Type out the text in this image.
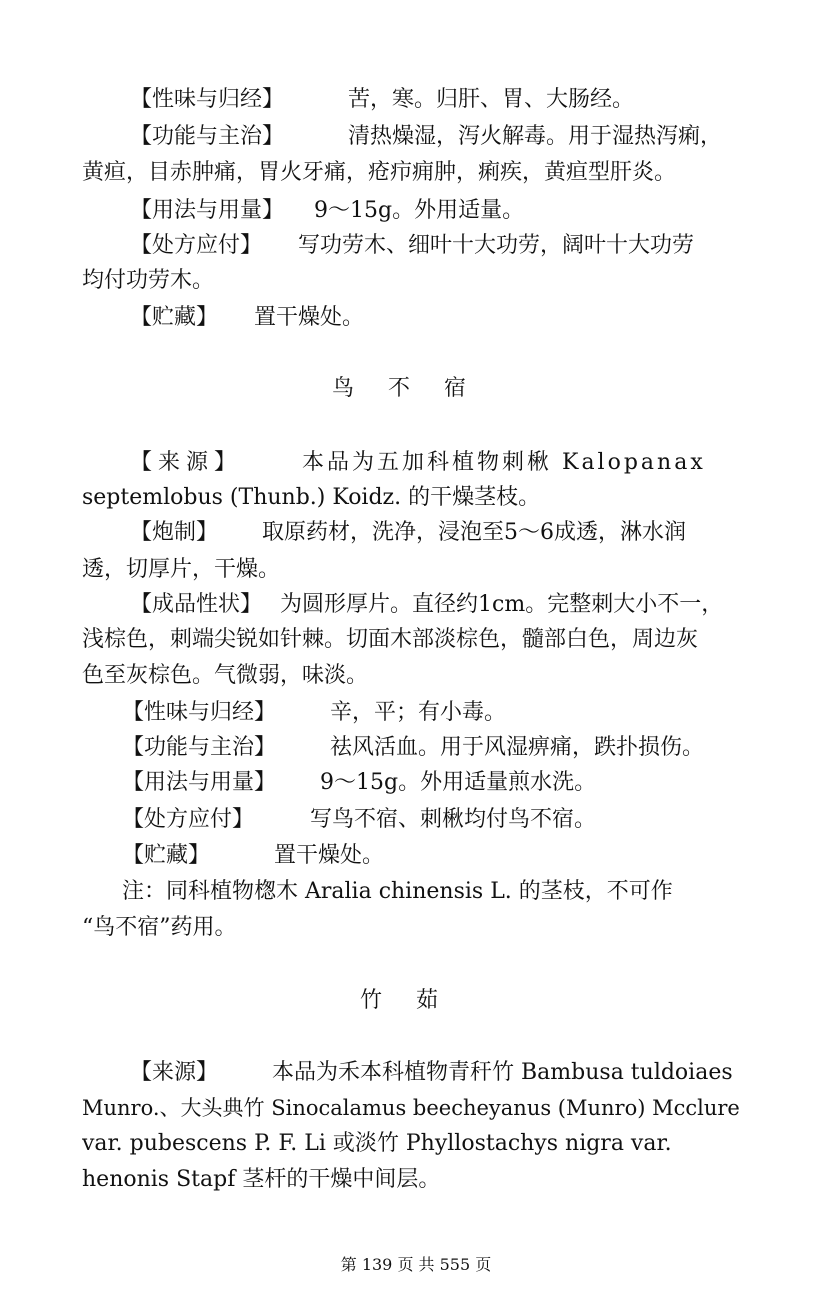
【性味与归经】	苦，寒。归肝、胃、大肠经。
【功能与主治】	清热燥湿，泻火解毒。用于湿热泻痢，
黄疸，目赤肿痛，胃火牙痛，疮疖痈肿，痢疾，黄疸型肝炎。
【用法与用量】 9～15g。外用适量。
【处方应付】 写功劳木、细叶十大功劳，阔叶十大功劳
均付功劳木。
【贮藏】 置干燥处。
鸟不宿
【来源】	本品为五加科植物刺楸 Kalopanax
septemlobus (Thunb.) Koidz. 的干燥茎枝。
【炮制】 取原药材，洗净，浸泡至5～6成透，淋水润
透，切厚片，干燥。
【成品性状】 为圆形厚片。直径约1cm。完整刺大小不一，
浅棕色，刺端尖锐如针棘。切面木部淡棕色，髓部白色，周边灰
色至灰棕色。气微弱，味淡。
【性味与归经】 辛，平；有小毒。
【功能与主治】 祛风活血。用于风湿痹痛，跌扑损伤。
【用法与用量】 9～15g。外用适量煎水洗。
【处方应付】	写鸟不宿、刺楸均付鸟不宿。
【贮藏】	置干燥处。
注：同科植物楤木 Aralia chinensis L. 的茎枝，不可作
“鸟不宿”药用。
竹茹
【来源】 本品为禾本科植物青秆竹 Bambusa tuldoiaes
Munro.、大头典竹 Sinocalamus beecheyanus (Munro) Mcclure
var. pubescens P. F. Li 或淡竹 Phyllostachys nigra var.
henonis Stapf 茎杆的干燥中间层。
第 139 页 共 555 页
